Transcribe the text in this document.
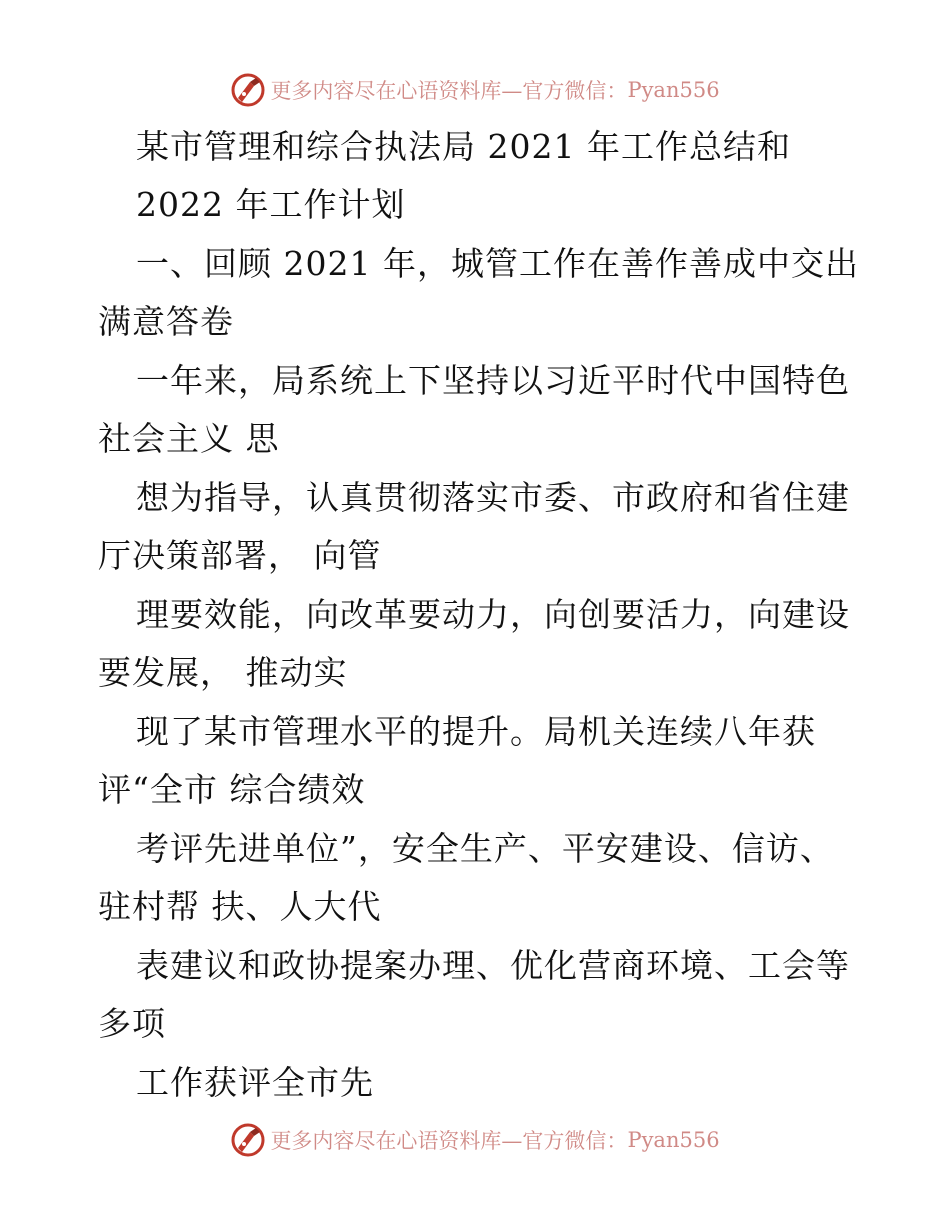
更多内容尽在心语资料库—官方微信： Pyan556
某市管理和综合执法局 2021 年工作总结和
2022 年工作计划
一、回顾 2021 年，城管工作在善作善成中交出
满意答卷
一年来，局系统上下坚持以习近平时代中国特色
社会主义 思
想为指导，认真贯彻落实市委、市政府和省住建
厅决策部署， 向管
理要效能，向改革要动力，向创要活力，向建设
要发展， 推动实
现了某市管理水平的提升。局机关连续八年获
评“全市 综合绩效
考评先进单位”，安全生产、平安建设、信访、
驻村帮 扶、人大代
表建议和政协提案办理、优化营商环境、工会等
多项
工作获评全市先
更多内容尽在心语资料库—官方微信： Pyan556
